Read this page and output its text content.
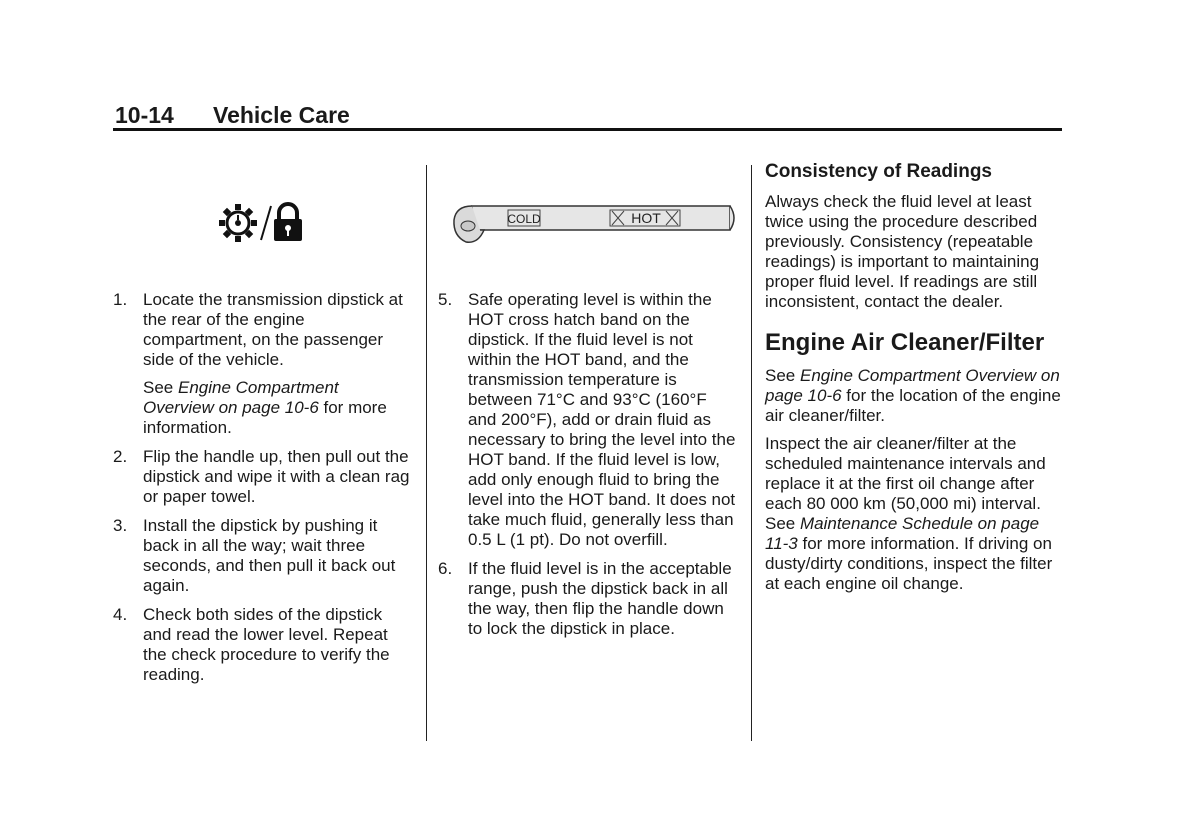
10-14 Vehicle Care
1. Locate the transmission dipstick at the rear of the engine compartment, on the passenger side of the vehicle.

See Engine Compartment Overview on page 10-6 for more information.

2. Flip the handle up, then pull out the dipstick and wipe it with a clean rag or paper towel.

3. Install the dipstick by pushing it back in all the way; wait three seconds, and then pull it back out again.

4. Check both sides of the dipstick and read the lower level. Repeat the check procedure to verify the reading.

COLD	HOT
5. Safe operating level is within the HOT cross hatch band on the dipstick. If the fluid level is not within the HOT band, and the transmission temperature is between 71°C and 93°C (160°F and 200°F), add or drain fluid as necessary to bring the level into the HOT band. If the fluid level is low, add only enough fluid to bring the level into the HOT band. It does not take much fluid, generally less than 0.5 L (1 pt). Do not overfill.

6. If the fluid level is in the acceptable range, push the dipstick back in all the way, then flip the handle down to lock the dipstick in place.

Consistency of Readings

Always check the fluid level at least twice using the procedure described previously. Consistency (repeatable readings) is important to maintaining proper fluid level. If readings are still inconsistent, contact the dealer.

Engine Air Cleaner/Filter

See Engine Compartment Overview on page 10-6 for the location of the engine air cleaner/filter.

Inspect the air cleaner/filter at the scheduled maintenance intervals and replace it at the first oil change after each 80 000 km (50,000 mi) interval. See Maintenance Schedule on page 11-3 for more information. If driving on dusty/dirty conditions, inspect the filter at each engine oil change.
